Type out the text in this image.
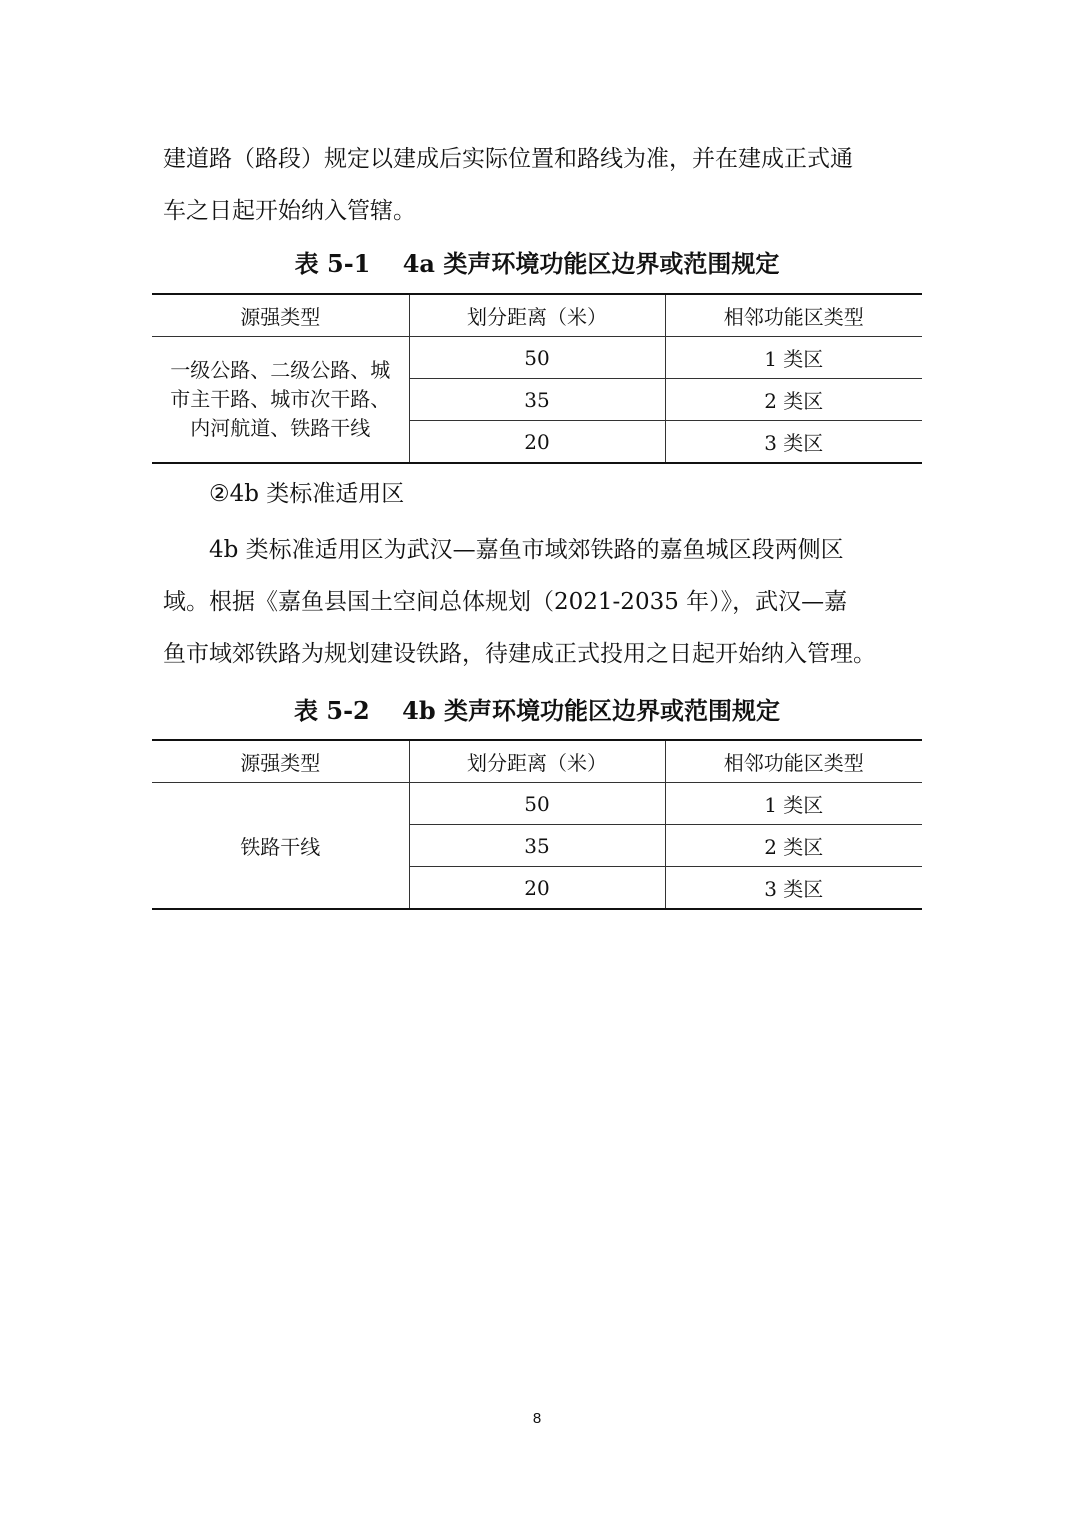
建道路（路段）规定以建成后实际位置和路线为准，并在建成正式通
车之日起开始纳入管辖。

表 5-1　 4a 类声环境功能区边界或范围规定

源强类型	划分距离（米）	相邻功能区类型

一级公路、二级公路、城
市主干路、城市次干路、
内河航道、铁路干线	50	1 类区
	35	2 类区
	20	3 类区
②4b 类标准适用区
　　4b 类标准适用区为武汉—嘉鱼市域郊铁路的嘉鱼城区段两侧区
域。根据《嘉鱼县国土空间总体规划（2021-2035 年）》，武汉—嘉
鱼市域郊铁路为规划建设铁路，待建成正式投用之日起开始纳入管理。

表 5-2　 4b 类声环境功能区边界或范围规定

源强类型	划分距离（米）	相邻功能区类型
铁路干线	50	1 类区
	35	2 类区
	20	3 类区
8
